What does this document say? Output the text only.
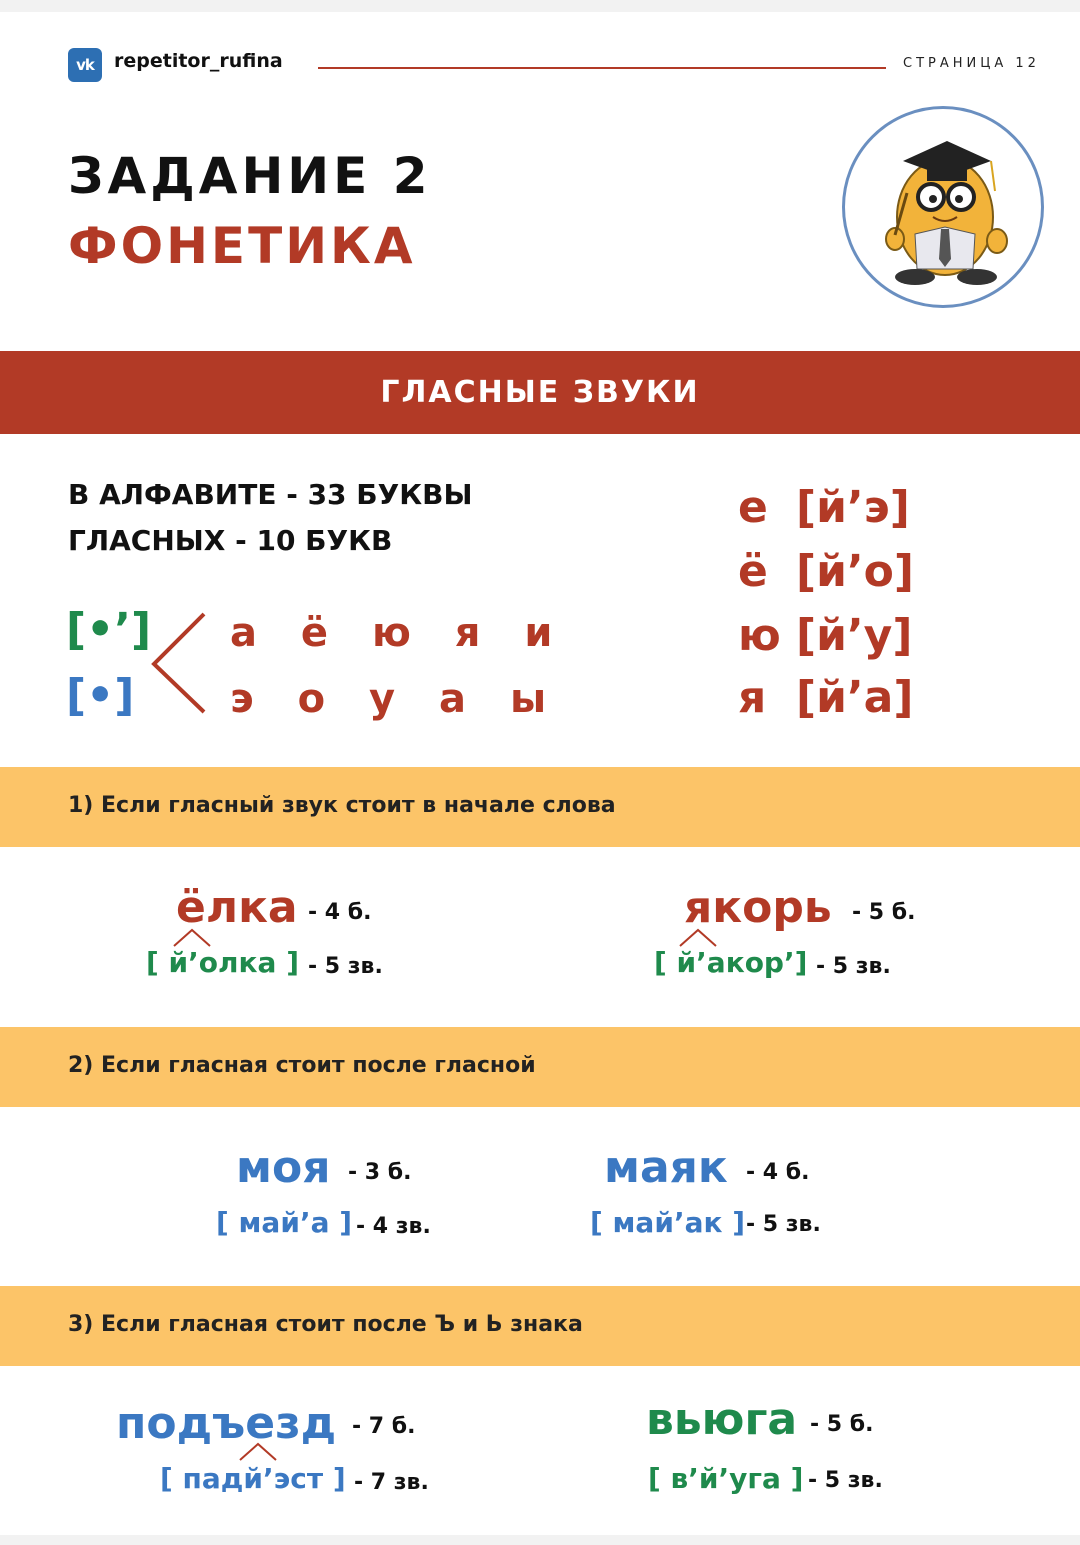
vk repetitor_rufina	СТРАНИЦА 12
ЗАДАНИЕ 2
ФОНЕТИКА
ГЛАСНЫЕ ЗВУКИ
В АЛФАВИТЕ - 33 БУКВЫ
ГЛАСНЫХ - 10 БУКВ
[•’]
[•]
а ё ю я и
э о у а ы
е [й’э]
ё [й’о]
ю [й’у]
я [й’а]
1) Если гласный звук стоит в начале слова
ёлка - 4 б.
[ й’олка ] - 5 зв.
якорь - 5 б.
[ й’акор’] - 5 зв.
2) Если гласная стоит после гласной
моя - 3 б.
[ май’а ] - 4 зв.
маяк - 4 б.
[ май’ак ] - 5 зв.
3) Если гласная стоит после Ъ и Ь знака
подъезд - 7 б.
[ падй’эст ] - 7 зв.
вьюга - 5 б.
[ в’й’уга ] - 5 зв.
